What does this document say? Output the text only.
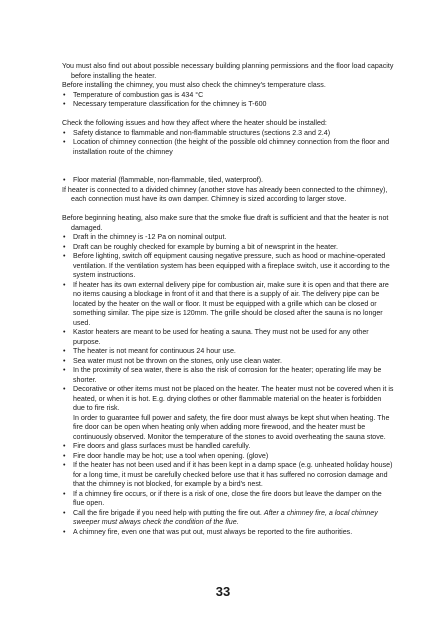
You must also find out about possible necessary building planning permissions and the floor load capacity before installing the heater.

Before installing the chimney, you must also check the chimney's temperature class.

• Temperature of combustion gas is 434 °C
• Necessary temperature classification for the chimney is T-600

Check the following issues and how they affect where the heater should be installed:

• Safety distance to flammable and non-flammable structures (sections 2.3 and 2.4)
• Location of chimney connection (the height of the possible old chimney connection from the floor and installation route of the chimney
• Floor material (flammable, non-flammable, tiled, waterproof).

If heater is connected to a divided chimney (another stove has already been connected to the chimney), each connection must have its own damper. Chimney is sized according to larger stove.

Before beginning heating, also make sure that the smoke flue draft is sufficient and that the heater is not damaged.

• Draft in the chimney is -12 Pa on nominal output.
• Draft can be roughly checked for example by burning a bit of newsprint in the heater.
• Before lighting, switch off equipment causing negative pressure, such as hood or machine-operated ventilation. If the ventilation system has been equipped with a fireplace switch, use it according to the system instructions.
• If heater has its own external delivery pipe for combustion air, make sure it is open and that there are no items causing a blockage in front of it and that there is a supply of air. The delivery pipe can be located by the heater on the wall or floor. It must be equipped with a grille which can be closed or something similar. The pipe size is 120mm. The grille should be closed after the sauna is no longer used.
• Kastor heaters are meant to be used for heating a sauna. They must not be used for any other purpose.
• The heater is not meant for continuous 24 hour use.
• Sea water must not be thrown on the stones, only use clean water.
• In the proximity of sea water, there is also the risk of corrosion for the heater; operating life may be shorter.
• Decorative or other items must not be placed on the heater. The heater must not be covered when it is heated, or when it is hot. E.g. drying clothes or other flammable material on the heater is forbidden due to fire risk.
In order to guarantee full power and safety, the fire door must always be kept shut when heating. The fire door can be open when heating only when adding more firewood, and the heater must be continuously observed. Monitor the temperature of the stones to avoid overheating the sauna stove.
• Fire doors and glass surfaces must be handled carefully.
• Fire door handle may be hot; use a tool when opening. (glove)
• If the heater has not been used and if it has been kept in a damp space (e.g. unheated holiday house) for a long time, it must be carefully checked before use that it has suffered no corrosion damage and that the chimney is not blocked, for example by a bird's nest.
• If a chimney fire occurs, or if there is a risk of one, close the fire doors but leave the damper on the flue open.
• Call the fire brigade if you need help with putting the fire out. After a chimney fire, a local chimney sweeper must always check the condition of the flue.
• A chimney fire, even one that was put out, must always be reported to the fire authorities.
33
